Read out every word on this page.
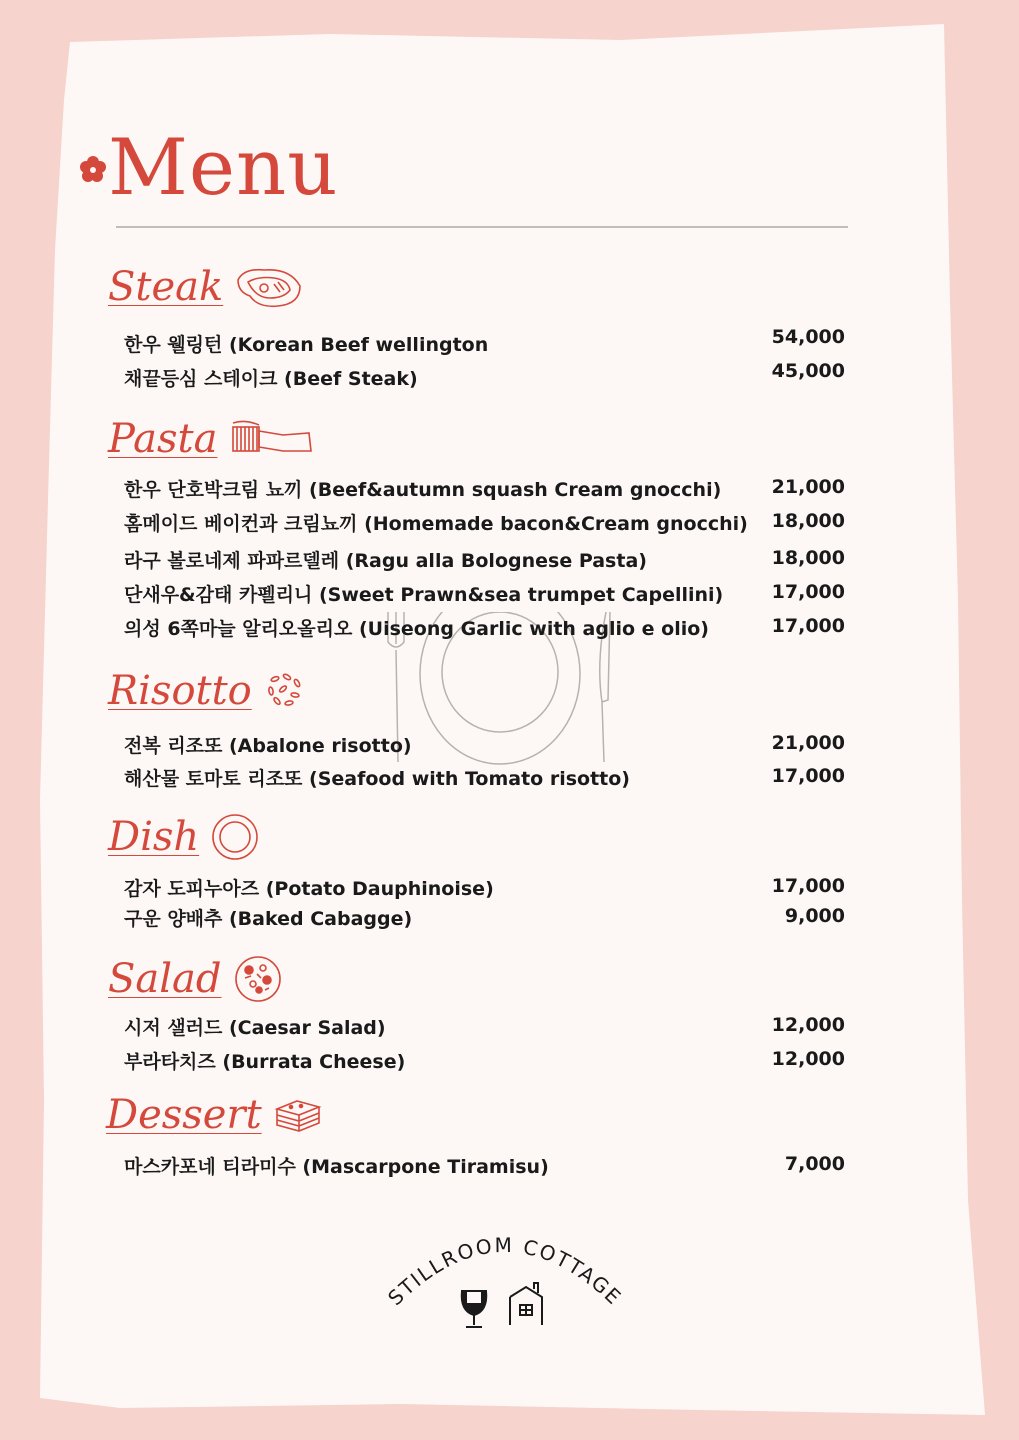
Menu
Steak
한우 웰링턴 (Korean Beef wellington	54,000
채끝등심 스테이크 (Beef Steak)	45,000
Pasta
한우 단호박크림 뇨끼 (Beef&autumn squash Cream gnocchi)	21,000
홈메이드 베이컨과 크림뇨끼 (Homemade bacon&Cream gnocchi) 18,000
라구 볼로네제 파파르델레 (Ragu alla Bolognese Pasta)	18,000
단새우&감태 카펠리니 (Sweet Prawn&sea trumpet Capellini)	17,000
의성 6쪽마늘 알리오올리오 (Uiseong Garlic with aglio e olio)	17,000
Risotto
전복 리조또 (Abalone risotto)	21,000
해산물 토마토 리조또 (Seafood with Tomato risotto)	17,000
Dish
감자 도피누아즈 (Potato Dauphinoise)	17,000
구운 양배추 (Baked Cabagge)	9,000
Salad
시저 샐러드 (Caesar Salad)	12,000
부라타치즈 (Burrata Cheese)	12,000
Dessert
마스카포네 티라미수 (Mascarpone Tiramisu)	7,000
STILLROOM COTTAGE
